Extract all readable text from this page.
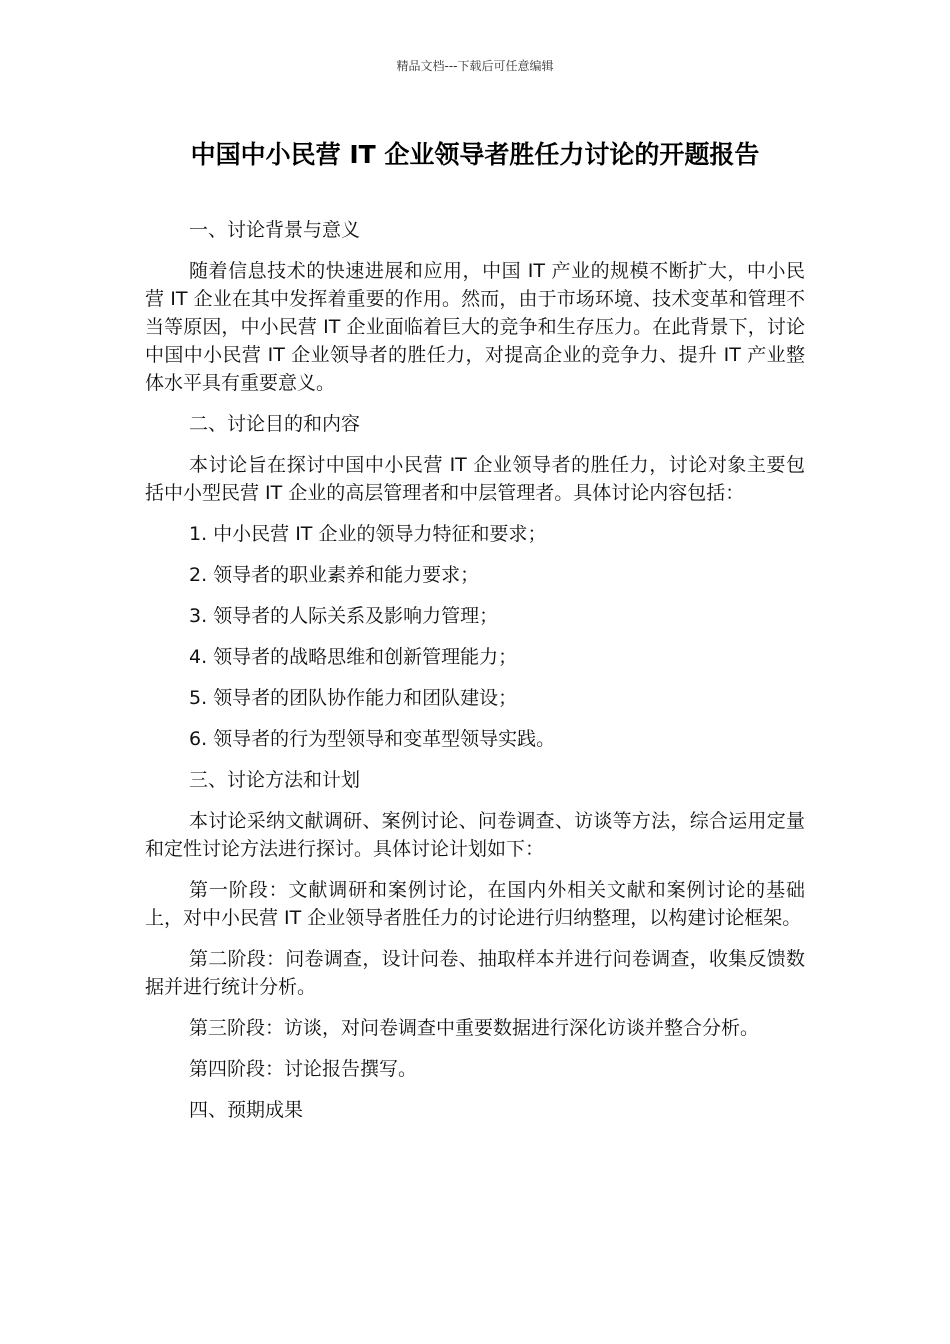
精品文档---下载后可任意编辑
中国中小民营 IT 企业领导者胜任力讨论的开题报告

一、讨论背景与意义

随着信息技术的快速进展和应用，中国 IT 产业的规模不断扩大，中小民营 IT 企业在其中发挥着重要的作用。然而，由于市场环境、技术变革和管理不当等原因，中小民营 IT 企业面临着巨大的竞争和生存压力。在此背景下，讨论中国中小民营 IT 企业领导者的胜任力，对提高企业的竞争力、提升 IT 产业整体水平具有重要意义。

二、讨论目的和内容

本讨论旨在探讨中国中小民营 IT 企业领导者的胜任力，讨论对象主要包括中小型民营 IT 企业的高层管理者和中层管理者。具体讨论内容包括：

1. 中小民营 IT 企业的领导力特征和要求；

2. 领导者的职业素养和能力要求；

3. 领导者的人际关系及影响力管理；

4. 领导者的战略思维和创新管理能力；

5. 领导者的团队协作能力和团队建设；

6. 领导者的行为型领导和变革型领导实践。

三、讨论方法和计划

本讨论采纳文献调研、案例讨论、问卷调查、访谈等方法，综合运用定量和定性讨论方法进行探讨。具体讨论计划如下：

第一阶段：文献调研和案例讨论，在国内外相关文献和案例讨论的基础上，对中小民营 IT 企业领导者胜任力的讨论进行归纳整理，以构建讨论框架。

第二阶段：问卷调查，设计问卷、抽取样本并进行问卷调查，收集反馈数据并进行统计分析。

第三阶段：访谈，对问卷调查中重要数据进行深化访谈并整合分析。

第四阶段：讨论报告撰写。

四、预期成果
